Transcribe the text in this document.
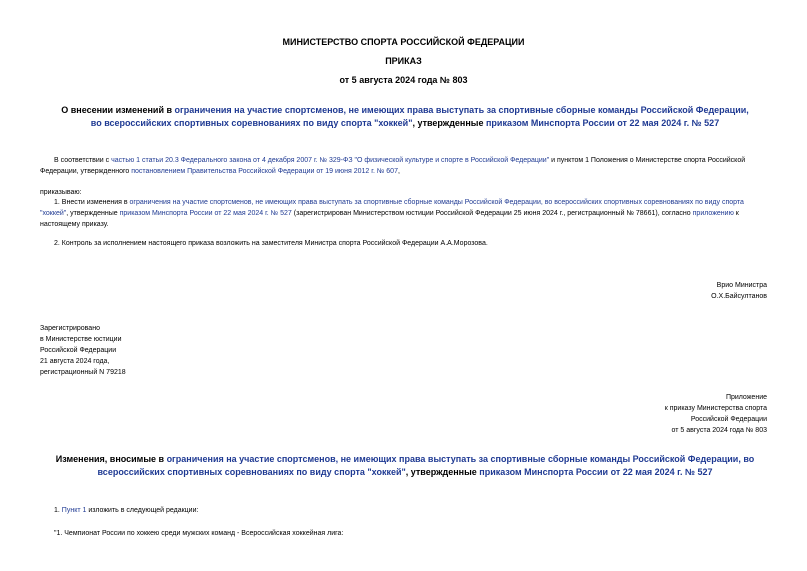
МИНИСТЕРСТВО СПОРТА РОССИЙСКОЙ ФЕДЕРАЦИИ
ПРИКАЗ
от 5 августа 2024 года № 803
О внесении изменений в ограничения на участие спортсменов, не имеющих права выступать за спортивные сборные команды Российской Федерации, во всероссийских спортивных соревнованиях по виду спорта "хоккей", утвержденные приказом Минспорта России от 22 мая 2024 г. № 527
В соответствии с частью 1 статьи 20.3 Федерального закона от 4 декабря 2007 г. № 329-ФЗ "О физической культуре и спорте в Российской Федерации" и пунктом 1 Положения о Министерстве спорта Российской Федерации, утвержденного постановлением Правительства Российской Федерации от 19 июня 2012 г. № 607,
приказываю:
1. Внести изменения в ограничения на участие спортсменов, не имеющих права выступать за спортивные сборные команды Российской Федерации, во всероссийских спортивных соревнованиях по виду спорта "хоккей", утвержденные приказом Минспорта России от 22 мая 2024 г. № 527 (зарегистрирован Министерством юстиции Российской Федерации 25 июня 2024 г., регистрационный № 78661), согласно приложению к настоящему приказу.
2. Контроль за исполнением настоящего приказа возложить на заместителя Министра спорта Российской Федерации А.А.Морозова.
Врио Министра
О.Х.Байсултанов
Зарегистрировано
в Министерстве юстиции
Российской Федерации
21 августа 2024 года,
регистрационный N 79218
Приложение
к приказу Министерства спорта
Российской Федерации
от 5 августа 2024 года № 803
Изменения, вносимые в ограничения на участие спортсменов, не имеющих права выступать за спортивные сборные команды Российской Федерации, во всероссийских спортивных соревнованиях по виду спорта "хоккей", утвержденные приказом Минспорта России от 22 мая 2024 г. № 527
1. Пункт 1 изложить в следующей редакции:
"1. Чемпионат России по хоккею среди мужских команд - Всероссийская хоккейная лига:
